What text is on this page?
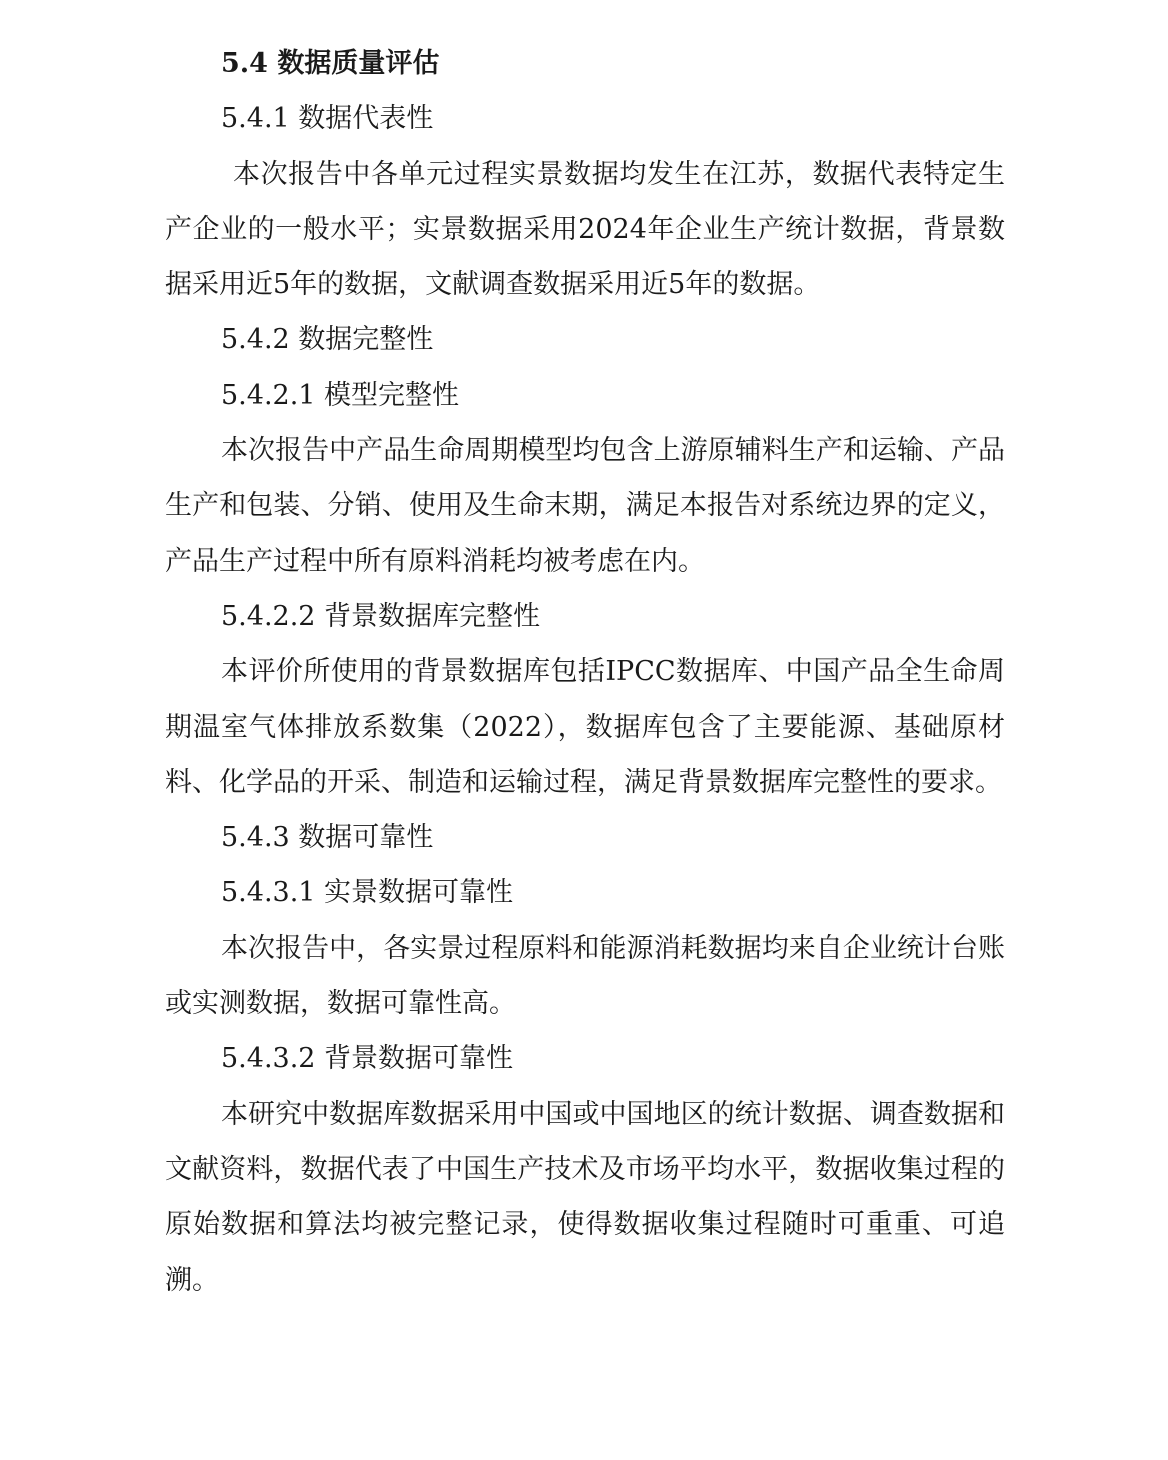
5.4 数据质量评估
5.4.1 数据代表性

本次报告中各单元过程实景数据均发生在江苏，数据代表特定生产企业的一般水平；实景数据采用2024年企业生产统计数据，背景数据采用近5年的数据，文献调查数据采用近5年的数据。

5.4.2 数据完整性
5.4.2.1 模型完整性

本次报告中产品生命周期模型均包含上游原辅料生产和运输、产品生产和包装、分销、使用及生命末期，满足本报告对系统边界的定义，产品生产过程中所有原料消耗均被考虑在内。

5.4.2.2 背景数据库完整性

本评价所使用的背景数据库包括IPCC数据库、中国产品全生命周期温室气体排放系数集（2022），数据库包含了主要能源、基础原材料、化学品的开采、制造和运输过程，满足背景数据库完整性的要求。

5.4.3 数据可靠性
5.4.3.1 实景数据可靠性

本次报告中，各实景过程原料和能源消耗数据均来自企业统计台账或实测数据，数据可靠性高。

5.4.3.2 背景数据可靠性

本研究中数据库数据采用中国或中国地区的统计数据、调查数据和文献资料，数据代表了中国生产技术及市场平均水平，数据收集过程的原始数据和算法均被完整记录，使得数据收集过程随时可重重、可追溯。
